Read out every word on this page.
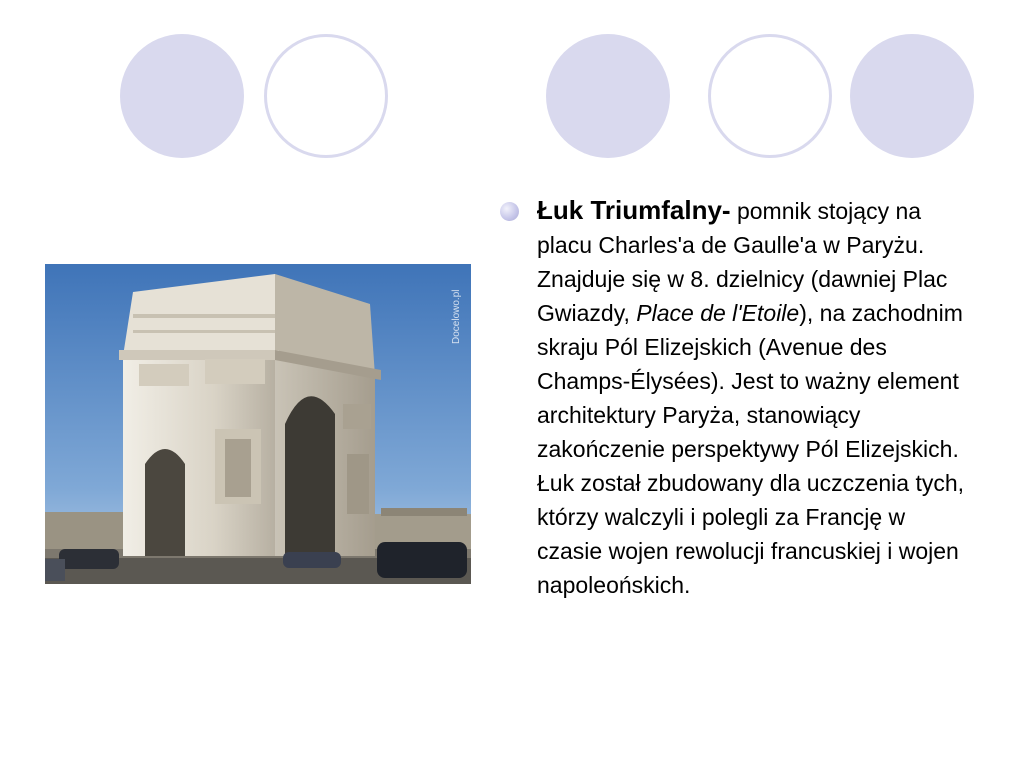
Docelowo.pl

Łuk Triumfalny- pomnik stojący na placu Charles'a de Gaulle'a w Paryżu. Znajduje się w 8. dzielnicy (dawniej Plac Gwiazdy, Place de l'Etoile), na zachodnim skraju Pól Elizejskich (Avenue des Champs-Élysées). Jest to ważny element architektury Paryża, stanowiący zakończenie perspektywy Pól Elizejskich. Łuk został zbudowany dla uczczenia tych, którzy walczyli i polegli za Francję w czasie wojen rewolucji francuskiej i wojen napoleońskich.
